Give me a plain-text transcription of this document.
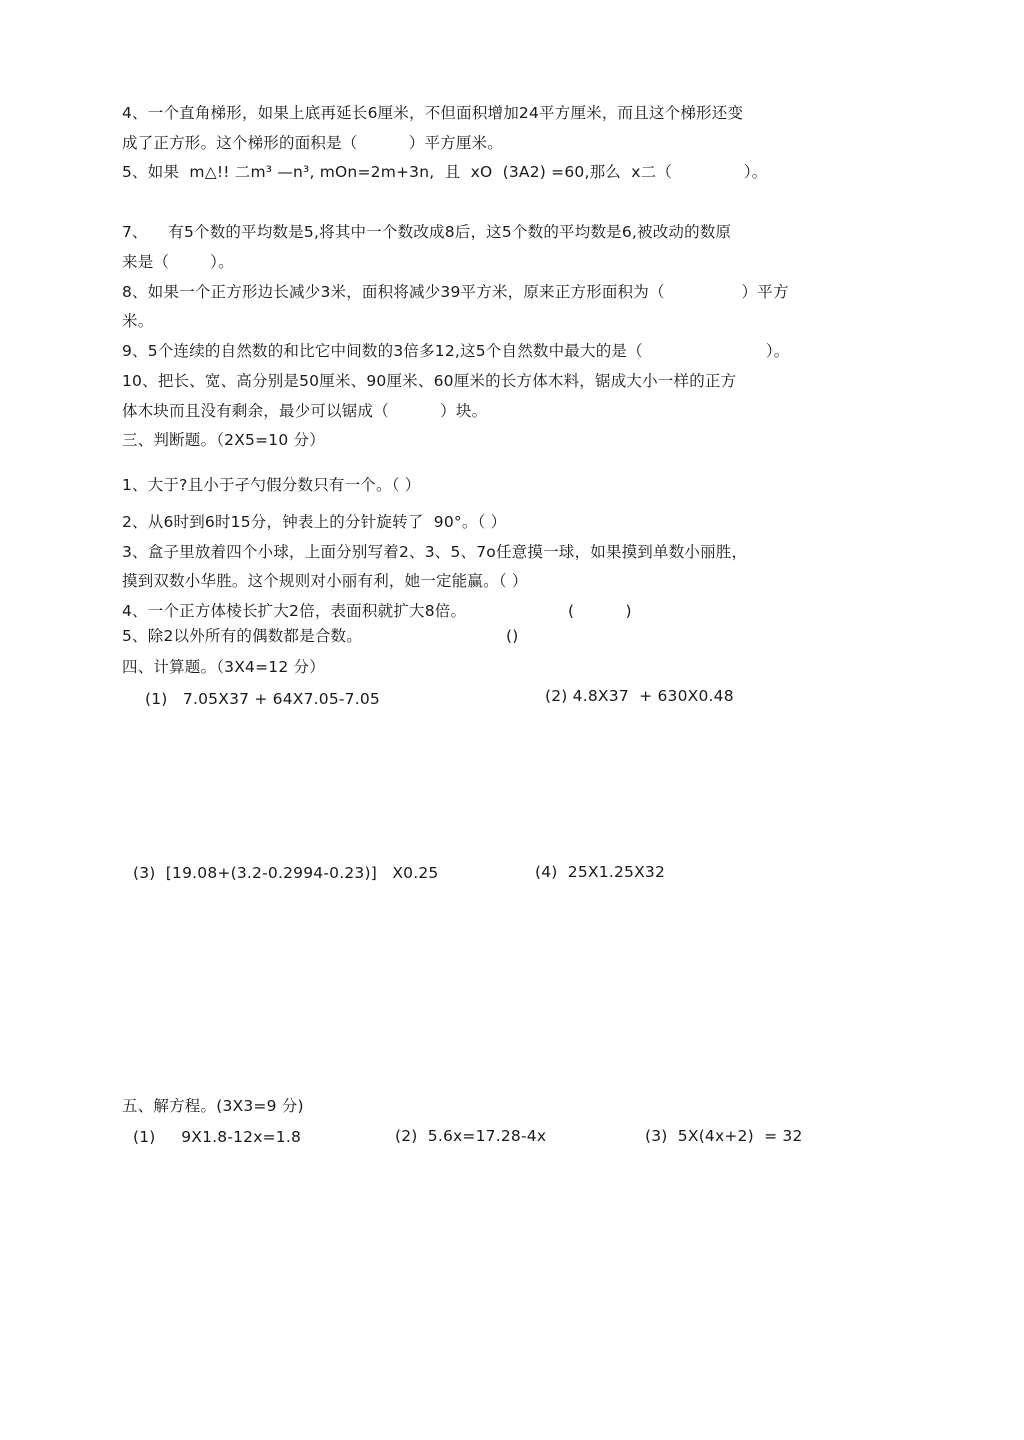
4、一个直角梯形，如果上底再延长6厘米，不但面积增加24平方厘米，而且这个梯形还变
成了正方形。这个梯形的面积是（          ）平方厘米。
5、如果  m△!! 二m³ —n³, mOn=2m+3n,  且  xO  (3A2) =60,那么  x二（              ）。
7、    有5个数的平均数是5,将其中一个数改成8后，这5个数的平均数是6,被改动的数原
来是（        ）。
8、如果一个正方形边长减少3米，面积将减少39平方米，原来正方形面积为（               ）平方
米。
9、5个连续的自然数的和比它中间数的3倍多12,这5个自然数中最大的是（                        ）。
10、把长、宽、高分别是50厘米、90厘米、60厘米的长方体木料，锯成大小一样的正方
体木块而且没有剩余，最少可以锯成（          ）块。
三、判断题。（2X5=10 分）
1、大于?且小于孑勺假分数只有一个。（ ）
2、从6时到6时15分，钟表上的分针旋转了  90°。（ ）
3、盒子里放着四个小球，上面分别写着2、3、5、7o任意摸一球，如果摸到单数小丽胜，
摸到双数小华胜。这个规则对小丽有利，她一定能赢。（ ）
4、一个正方体棱长扩大2倍，表面积就扩大8倍。	(          )
5、除2以外所有的偶数都是合数。	()
四、计算题。（3X4=12 分）
(1)   7.05X37 + 64X7.05-7.05	(2) 4.8X37  + 630X0.48
(3)  [19.08+(3.2-0.2994-0.23)]   X0.25	(4)  25X1.25X32
五、解方程。(3X3=9 分)
(1)     9X1.8-12x=1.8	(2)  5.6x=17.28-4x	(3)  5X(4x+2)  = 32
